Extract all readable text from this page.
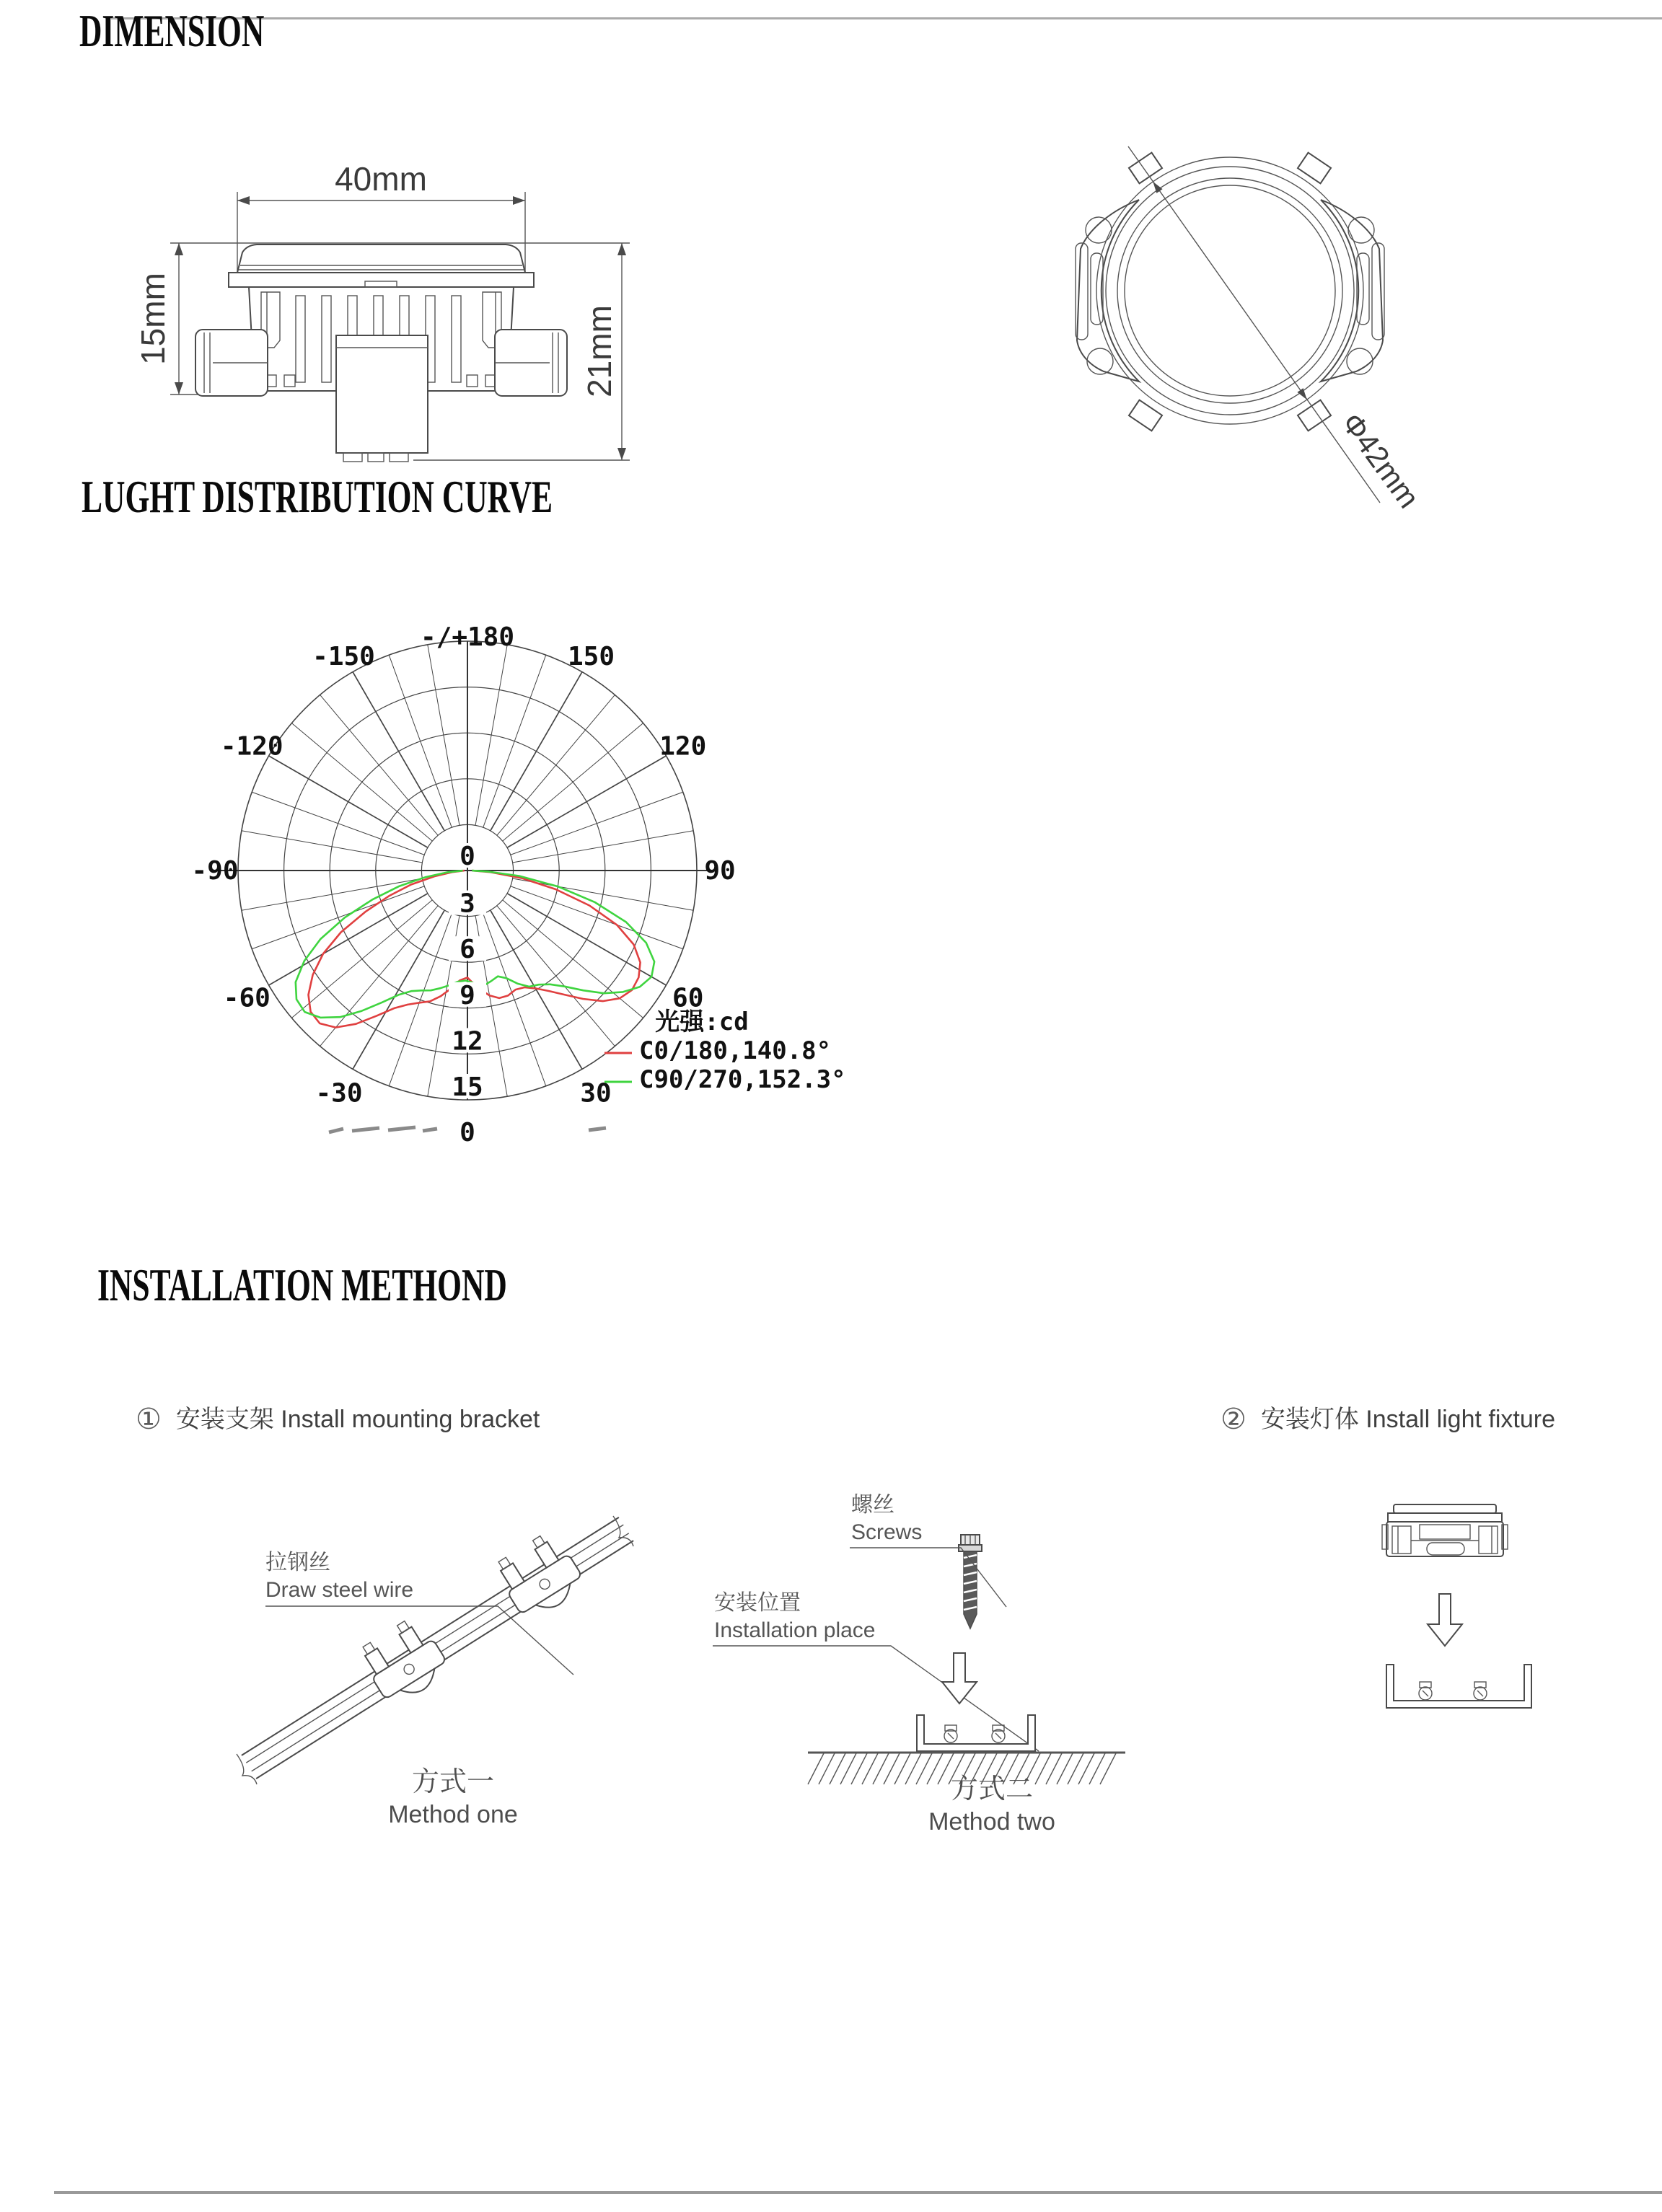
DIMENSION
40mm
15mm	21mm
Φ42mm
LUGHT DISTRIBUTION CURVE
0
3
6
9
12
15
-/+180
150
120
90
60
30
0
-30
-60
-90
-120
-150
光强:cd
C0/180,140.8°
C90/270,152.3°
INSTALLATION METHOND
① 安装支架 Install mounting bracket	② 安装灯体 Install light fixture
拉钢丝
Draw steel wire
方式一
Method one
螺丝
Screws
安装位置
Installation place
方式二
Method two
